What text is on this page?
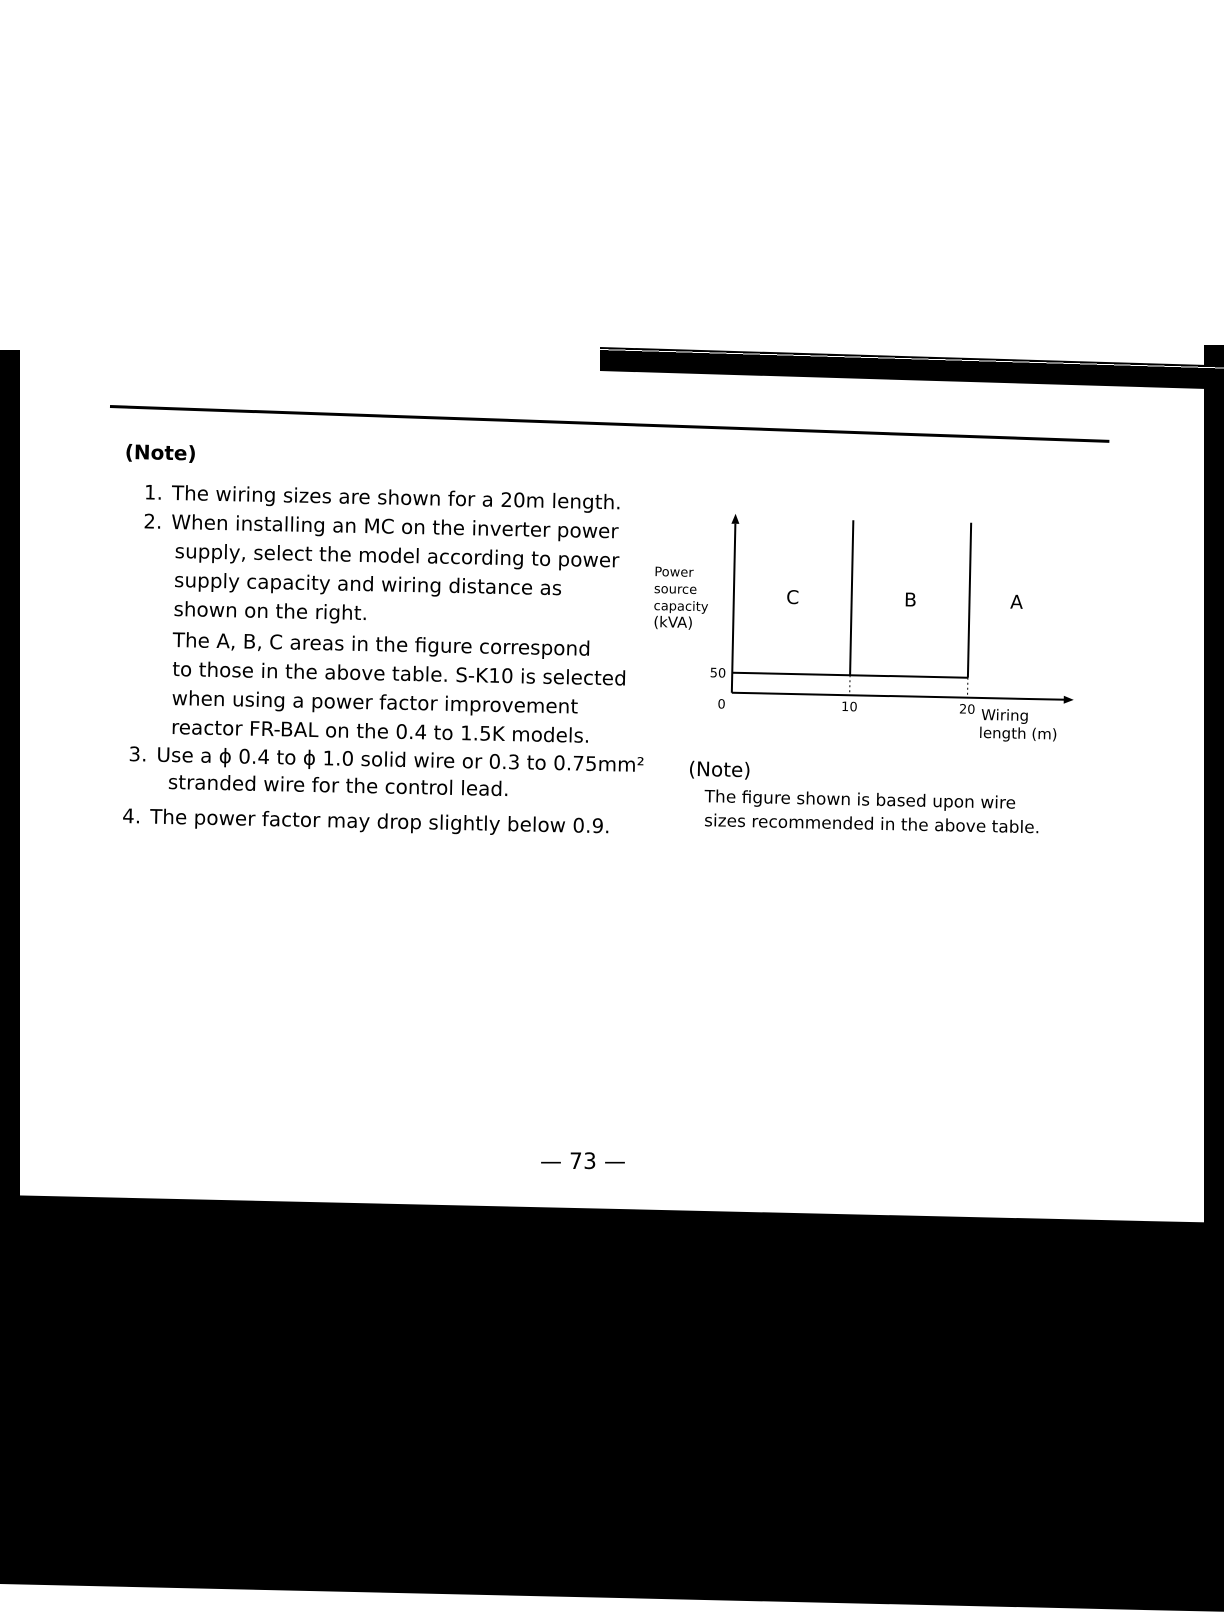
(Note)
1. The wiring sizes are shown for a 20m length.
2. When installing an MC on the inverter power
supply, select the model according to power
supply capacity and wiring distance as
shown on the right.
The A, B, C areas in the figure correspond
to those in the above table. S-K10 is selected
when using a power factor improvement
reactor FR-BAL on the 0.4 to 1.5K models.
3. Use a ϕ 0.4 to ϕ 1.0 solid wire or 0.3 to 0.75mm²
stranded wire for the control lead.
4. The power factor may drop slightly below 0.9.
C	B	A
0	10	20
50
Power
source
capacity
(kVA)
Wiring
length (m)
(Note)
The figure shown is based upon wire
sizes recommended in the above table.
— 73 —
